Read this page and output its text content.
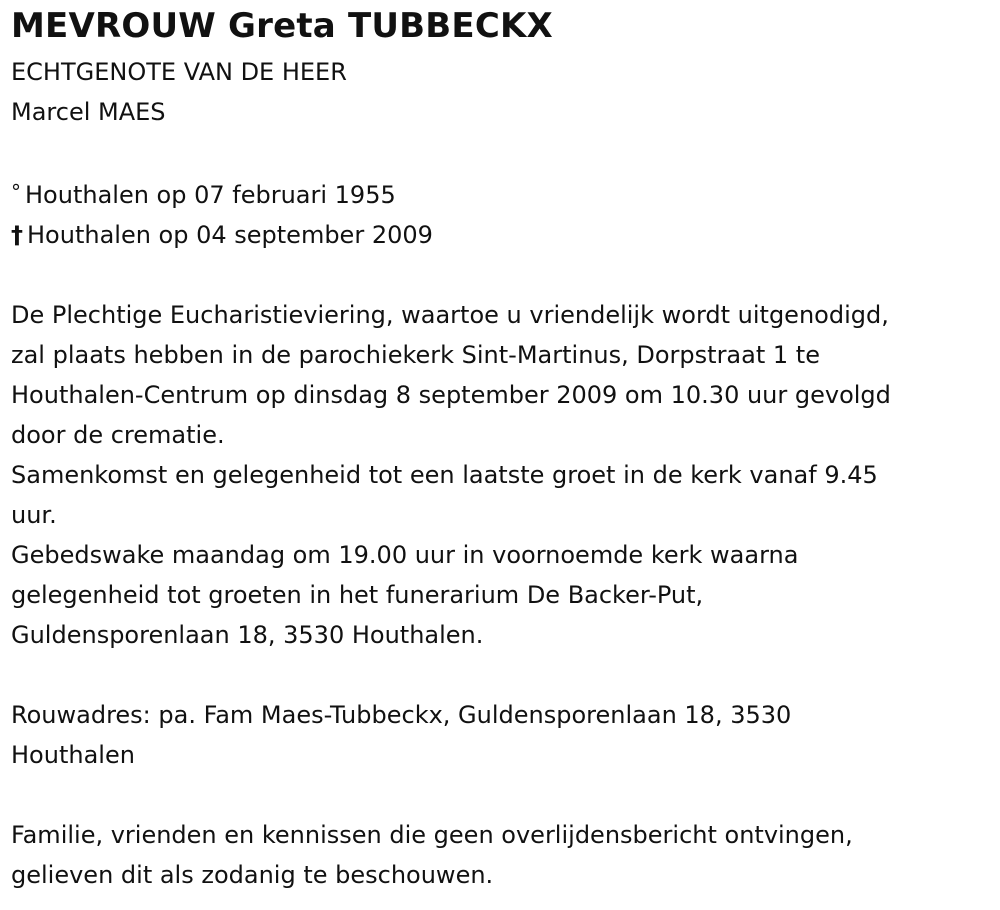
MEVROUW Greta TUBBECKX

ECHTGENOTE VAN DE HEER

Marcel MAES

° Houthalen op 07 februari 1955

† Houthalen op 04 september 2009

De Plechtige Eucharistieviering, waartoe u vriendelijk wordt uitgenodigd,
zal plaats hebben in de parochiekerk Sint-Martinus, Dorpstraat 1 te
Houthalen-Centrum op dinsdag 8 september 2009 om 10.30 uur gevolgd
door de crematie.

Samenkomst en gelegenheid tot een laatste groet in de kerk vanaf 9.45
uur.

Gebedswake maandag om 19.00 uur in voornoemde kerk waarna
gelegenheid tot groeten in het funerarium De Backer-Put,
Guldensporenlaan 18, 3530 Houthalen.

Rouwadres: pa. Fam Maes-Tubbeckx, Guldensporenlaan 18, 3530
Houthalen

Familie, vrienden en kennissen die geen overlijdensbericht ontvingen,
gelieven dit als zodanig te beschouwen.
